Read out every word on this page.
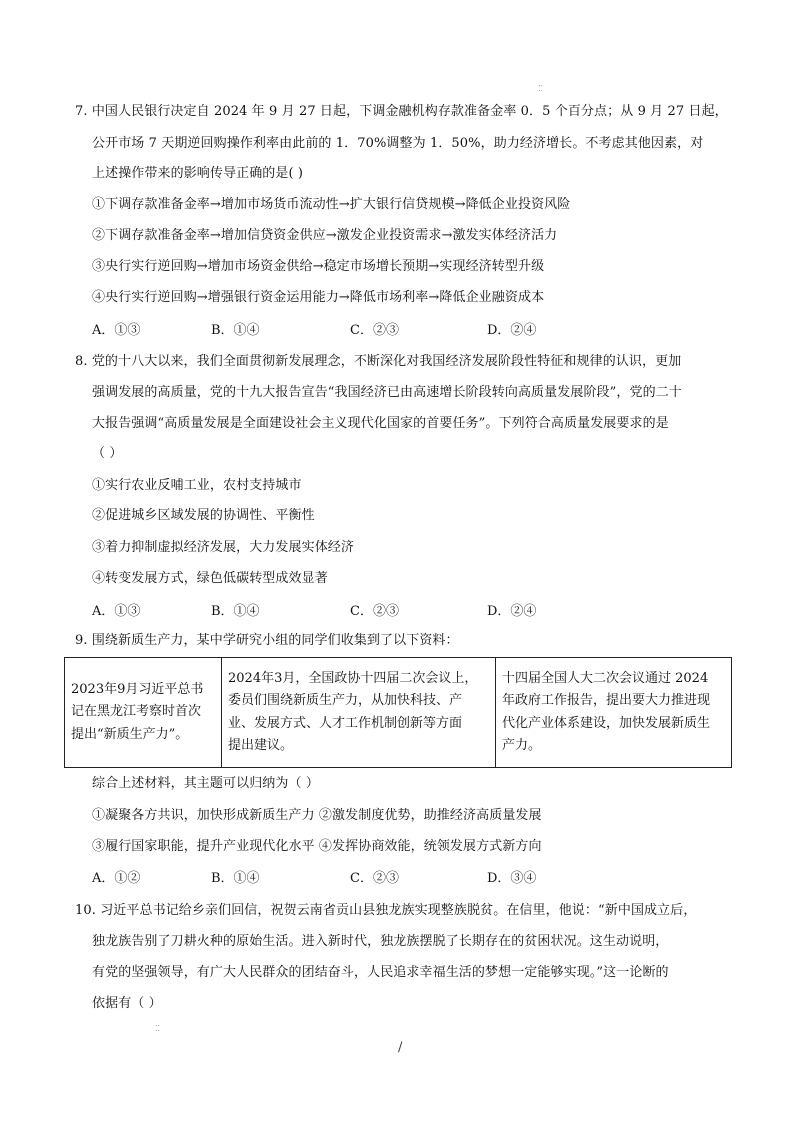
⁚⁚
7. 中国人民银行决定自 2024 年 9 月 27 日起，下调金融机构存款准备金率 0．5 个百分点；从 9 月 27 日起，
公开市场 7 天期逆回购操作利率由此前的 1．70%调整为 1．50%，助力经济增长。不考虑其他因素，对
上述操作带来的影响传导正确的是( )
①下调存款准备金率→增加市场货币流动性→扩大银行信贷规模→降低企业投资风险
②下调存款准备金率→增加信贷资金供应→激发企业投资需求→激发实体经济活力
③央行实行逆回购→增加市场资金供给→稳定市场增长预期→实现经济转型升级
④央行实行逆回购→增强银行资金运用能力→降低市场利率→降低企业融资成本
A．①③	B．①④	C．②③	D．②④
8. 党的十八大以来，我们全面贯彻新发展理念，不断深化对我国经济发展阶段性特征和规律的认识，更加
强调发展的高质量，党的十九大报告宣告“我国经济已由高速增长阶段转向高质量发展阶段”，党的二十
大报告强调“高质量发展是全面建设社会主义现代化国家的首要任务”。下列符合高质量发展要求的是
（ ）
①实行农业反哺工业，农村支持城市
②促进城乡区域发展的协调性、平衡性
③着力抑制虚拟经济发展，大力发展实体经济
④转变发展方式，绿色低碳转型成效显著
A．①③	B．①④	C．②③	D．②④
9. 围绕新质生产力，某中学研究小组的同学们收集到了以下资料：
2023年9月习近平总书
记在黑龙江考察时首次
提出“新质生产力”。

2024年3月，全国政协十四届二次会议上，
委员们围绕新质生产力，从加快科技、产
业、发展方式、人才工作机制创新等方面
提出建议。

十四届全国人大二次会议通过 2024
年政府工作报告，提出要大力推进现
代化产业体系建设，加快发展新质生
产力。
综合上述材料，其主题可以归纳为（ ）
①凝聚各方共识，加快形成新质生产力 ②激发制度优势，助推经济高质量发展
③履行国家职能，提升产业现代化水平 ④发挥协商效能，统领发展方式新方向
A．①②	B．①④	C．②③	D．③④
10. 习近平总书记给乡亲们回信，祝贺云南省贡山县独龙族实现整族脱贫。在信里，他说：“新中国成立后，
独龙族告别了刀耕火种的原始生活。进入新时代，独龙族摆脱了长期存在的贫困状况。这生动说明，
有党的坚强领导，有广大人民群众的团结奋斗，人民追求幸福生活的梦想一定能够实现。”这一论断的
依据有（ ）
⁚⁚
/
